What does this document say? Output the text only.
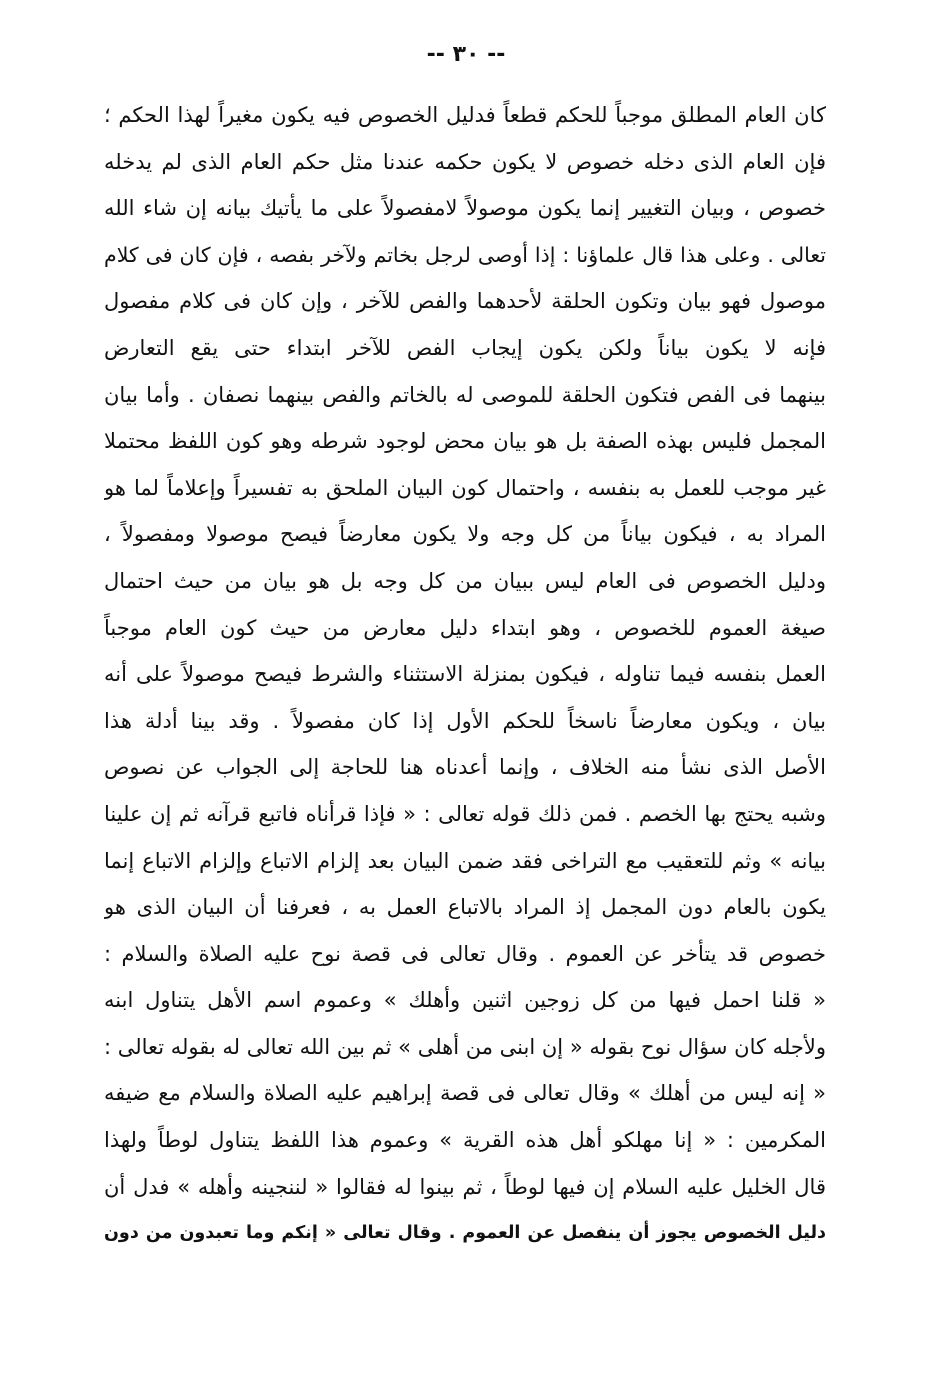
-- ٣٠ --
كان العام المطلق موجباً للحكم قطعاً فدليل الخصوص فيه يكون مغيراً لهذا الحكم ؛
فإن العام الذى دخله خصوص لا يكون حكمه عندنا مثل حكم العام الذى لم يدخله
خصوص ، وبيان التغيير إنما يكون موصولاً لامفصولاً على ما يأتيك بيانه إن شاء الله
تعالى . وعلى هذا قال علماؤنا : إذا أوصى لرجل بخاتم ولآخر بفصه ، فإن كان فى كلام
موصول فهو بيان وتكون الحلقة لأحدهما والفص للآخر ، وإن كان فى كلام مفصول
فإنه لا يكون بياناً ولكن يكون إيجاب الفص للآخر ابتداء حتى يقع التعارض
بينهما فى الفص فتكون الحلقة للموصى له بالخاتم والفص بينهما نصفان . وأما بيان
المجمل فليس بهذه الصفة بل هو بيان محض لوجود شرطه وهو كون اللفظ محتملا
غير موجب للعمل به بنفسه ، واحتمال كون البيان الملحق به تفسيراً وإعلاماً لما هو
المراد به ، فيكون بياناً من كل وجه ولا يكون معارضاً فيصح موصولا ومفصولاً ،
ودليل الخصوص فى العام ليس ببيان من كل وجه بل هو بيان من حيث احتمال
صيغة العموم للخصوص ، وهو ابتداء دليل معارض من حيث كون العام موجباً
العمل بنفسه فيما تناوله ، فيكون بمنزلة الاستثناء والشرط فيصح موصولاً على أنه
بيان ، ويكون معارضاً ناسخاً للحكم الأول إذا كان مفصولاً . وقد بينا أدلة هذا
الأصل الذى نشأ منه الخلاف ، وإنما أعدناه هنا للحاجة إلى الجواب عن نصوص
وشبه يحتج بها الخصم . فمن ذلك قوله تعالى : « فإذا قرأناه فاتبع قرآنه ثم إن علينا
بيانه » وثم للتعقيب مع التراخى فقد ضمن البيان بعد إلزام الاتباع وإلزام الاتباع إنما
يكون بالعام دون المجمل إذ المراد بالاتباع العمل به ، فعرفنا أن البيان الذى هو
خصوص قد يتأخر عن العموم . وقال تعالى فى قصة نوح عليه الصلاة والسلام :
« قلنا احمل فيها من كل زوجين اثنين وأهلك » وعموم اسم الأهل يتناول ابنه
ولأجله كان سؤال نوح بقوله « إن ابنى من أهلى » ثم بين الله تعالى له بقوله تعالى :
« إنه ليس من أهلك » وقال تعالى فى قصة إبراهيم عليه الصلاة والسلام مع ضيفه
المكرمين : « إنا مهلكو أهل هذه القرية » وعموم هذا اللفظ يتناول لوطاً ولهذا
قال الخليل عليه السلام إن فيها لوطاً ، ثم بينوا له فقالوا « لننجينه وأهله » فدل أن
دليل الخصوص يجوز أن ينفصل عن العموم . وقال تعالى « إنكم وما تعبدون من دون
